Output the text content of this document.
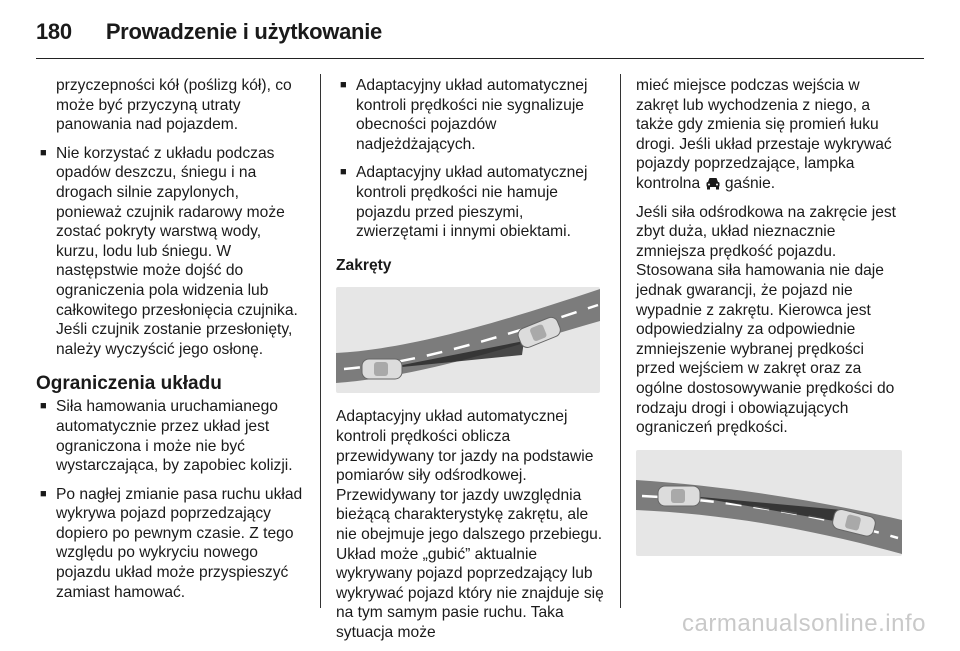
180 Prowadzenie i użytkowanie

przyczepności kół (poślizg kół), co może być przyczyną utraty panowania nad pojazdem.

■ Nie korzystać z układu podczas opadów deszczu, śniegu i na drogach silnie zapylonych, ponieważ czujnik radarowy może zostać pokryty warstwą wody, kurzu, lodu lub śniegu. W następstwie może dojść do ograniczenia pola widzenia lub całkowitego przesłonięcia czujnika. Jeśli czujnik zostanie przesłonięty, należy wyczyścić jego osłonę.
Ograniczenia układu
■ Siła hamowania uruchamianego automatycznie przez układ jest ograniczona i może nie być wystarczająca, by zapobiec kolizji.
■ Po nagłej zmianie pasa ruchu układ wykrywa pojazd poprzedzający dopiero po pewnym czasie. Z tego względu po wykryciu nowego pojazdu układ może przyspieszyć zamiast hamować.
■ Adaptacyjny układ automatycznej kontroli prędkości nie sygnalizuje obecności pojazdów nadjeżdżających.
■ Adaptacyjny układ automatycznej kontroli prędkości nie hamuje pojazdu przed pieszymi, zwierzętami i innymi obiektami.
Zakręty

Adaptacyjny układ automatycznej kontroli prędkości oblicza przewidywany tor jazdy na podstawie pomiarów siły odśrodkowej. Przewidywany tor jazdy uwzględnia bieżącą charakterystykę zakrętu, ale nie obejmuje jego dalszego przebiegu. Układ może „gubić” aktualnie wykrywany pojazd poprzedzający lub wykrywać pojazd który nie znajduje się na tym samym pasie ruchu. Taka sytuacja może

mieć miejsce podczas wejścia w zakręt lub wychodzenia z niego, a także gdy zmienia się promień łuku drogi. Jeśli układ przestaje wykrywać pojazdy poprzedzające, lampka kontrolna gaśnie.

Jeśli siła odśrodkowa na zakręcie jest zbyt duża, układ nieznacznie zmniejsza prędkość pojazdu. Stosowana siła hamowania nie daje jednak gwarancji, że pojazd nie wypadnie z zakrętu. Kierowca jest odpowiedzialny za odpowiednie zmniejszenie wybranej prędkości przed wejściem w zakręt oraz za ogólne dostosowywanie prędkości do rodzaju drogi i obowiązujących ograniczeń prędkości.

carmanualsonline.info
